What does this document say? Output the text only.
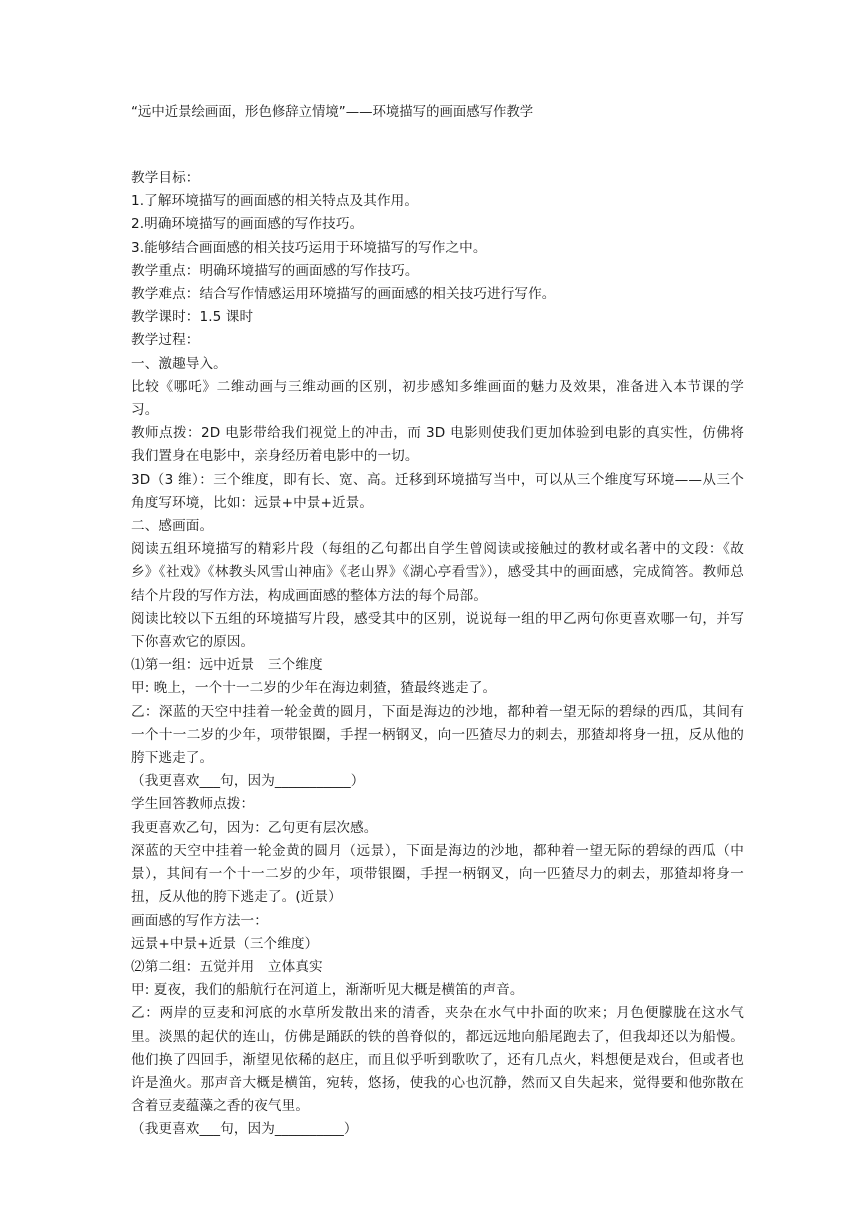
“远中近景绘画面，形色修辞立情境”——环境描写的画面感写作教学

教学目标：

1.了解环境描写的画面感的相关特点及其作用。

2.明确环境描写的画面感的写作技巧。

3.能够结合画面感的相关技巧运用于环境描写的写作之中。

教学重点：明确环境描写的画面感的写作技巧。

教学难点：结合写作情感运用环境描写的画面感的相关技巧进行写作。

教学课时：1.5 课时

教学过程：

一、激趣导入。

比较《哪吒》二维动画与三维动画的区别，初步感知多维画面的魅力及效果，准备进入本节课的学习。

教师点拨：2D 电影带给我们视觉上的冲击，而 3D 电影则使我们更加体验到电影的真实性，仿佛将我们置身在电影中，亲身经历着电影中的一切。

3D（3 维）：三个维度，即有长、宽、高。迁移到环境描写当中，可以从三个维度写环境——从三个角度写环境，比如：远景+中景+近景。

二、感画面。

阅读五组环境描写的精彩片段（每组的乙句都出自学生曾阅读或接触过的教材或名著中的文段：《故乡》《社戏》《林教头风雪山神庙》《老山界》《湖心亭看雪》），感受其中的画面感，完成简答。教师总结个片段的写作方法，构成画面感的整体方法的每个局部。

阅读比较以下五组的环境描写片段，感受其中的区别，说说每一组的甲乙两句你更喜欢哪一句，并写下你喜欢它的原因。

⑴第一组：远中近景　三个维度

甲: 晚上，一个十一二岁的少年在海边刺猹，猹最终逃走了。

乙：深蓝的天空中挂着一轮金黄的圆月，下面是海边的沙地，都种着一望无际的碧绿的西瓜，其间有一个十一二岁的少年，项带银圈，手捏一柄钢叉，向一匹猹尽力的刺去，那猹却将身一扭，反从他的胯下逃走了。

（我更喜欢___句，因为___________）

学生回答教师点拨：

我更喜欢乙句，因为：乙句更有层次感。

深蓝的天空中挂着一轮金黄的圆月（远景），下面是海边的沙地，都种着一望无际的碧绿的西瓜（中景），其间有一个十一二岁的少年，项带银圈，手捏一柄钢叉，向一匹猹尽力的刺去，那猹却将身一扭，反从他的胯下逃走了。(近景）

画面感的写作方法一：

远景+中景+近景（三个维度）

⑵第二组：五觉并用　立体真实

甲: 夏夜，我们的船航行在河道上，渐渐听见大概是横笛的声音。

乙：两岸的豆麦和河底的水草所发散出来的清香，夹杂在水气中扑面的吹来；月色便朦胧在这水气里。淡黑的起伏的连山，仿佛是踊跃的铁的兽脊似的，都远远地向船尾跑去了，但我却还以为船慢。他们换了四回手，渐望见依稀的赵庄，而且似乎听到歌吹了，还有几点火，料想便是戏台，但或者也许是渔火。那声音大概是横笛，宛转，悠扬，使我的心也沉静，然而又自失起来，觉得要和他弥散在含着豆麦蕴藻之香的夜气里。

（我更喜欢___句，因为__________）
